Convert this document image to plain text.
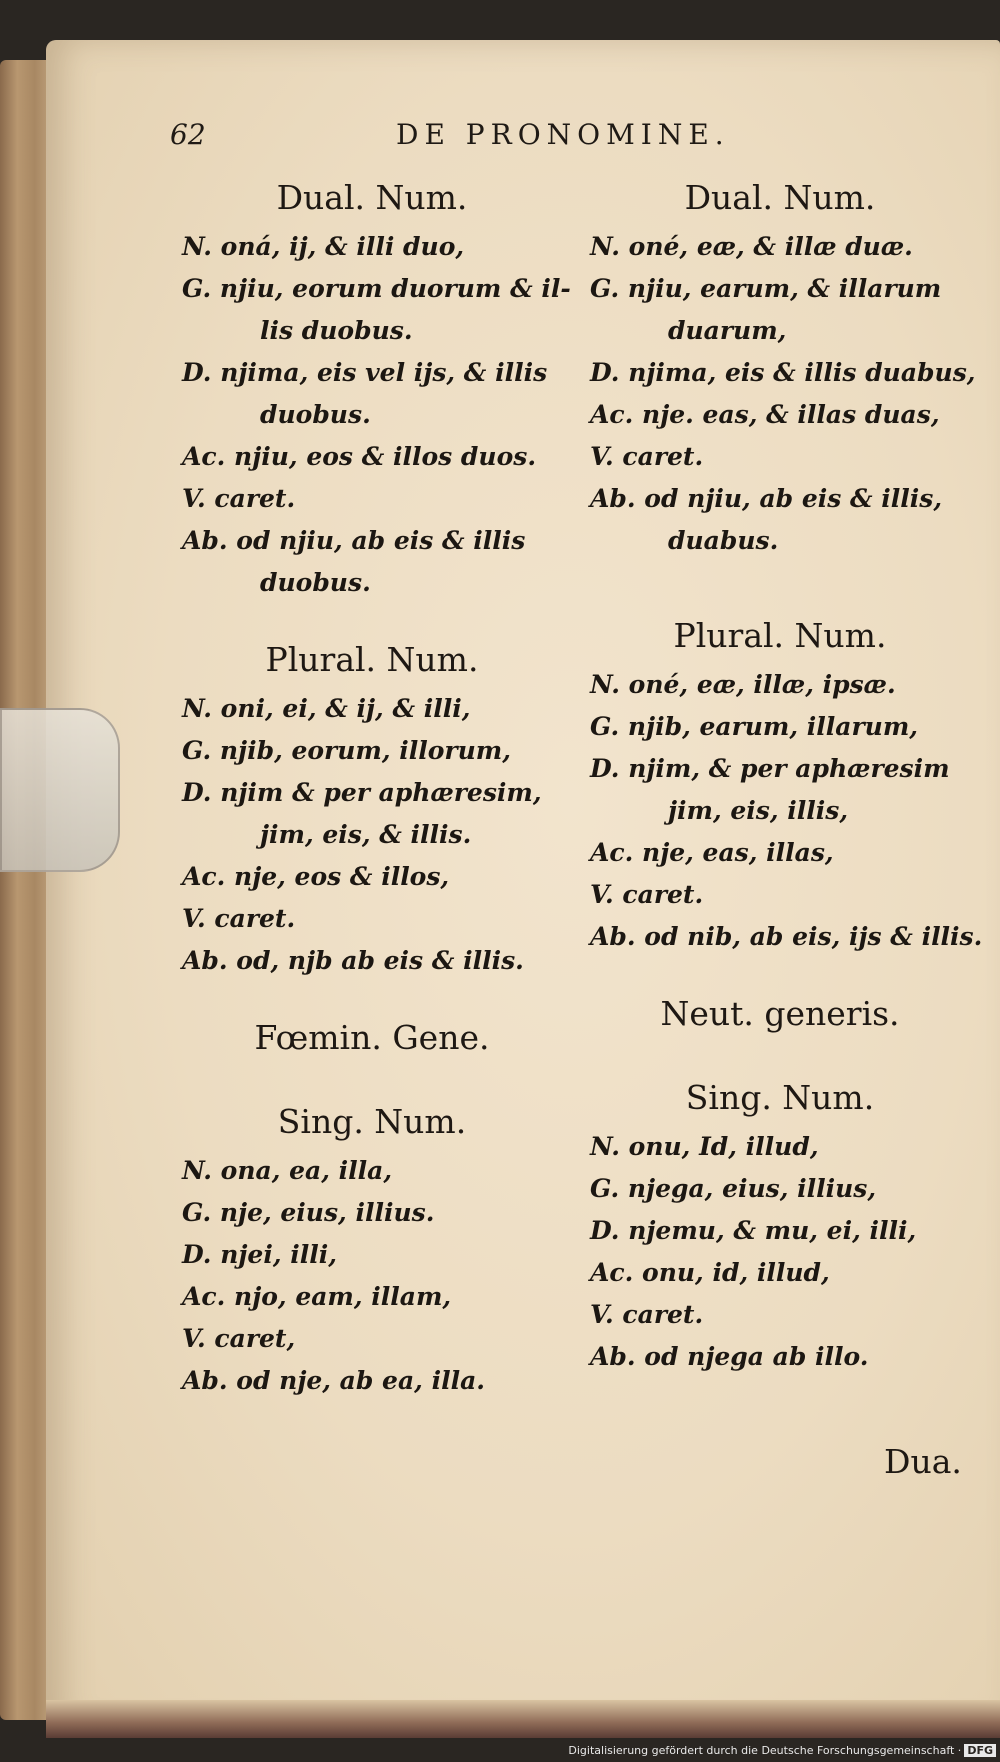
62	DE PRONOMINE.
Dual. Num.
N. oná, ij, & illi duo,
G. njiu, eorum duorum & il-
lis duobus.
D. njima, eis vel ijs, & illis
duobus.
Ac. njiu, eos & illos duos.
V. caret.
Ab. od njiu, ab eis & illis
duobus.
Plural. Num.
N. oni, ei, & ij, & illi,
G. njib, eorum, illorum,
D. njim & per aphæresim,
jim, eis, & illis.
Ac. nje, eos & illos,
V. caret.
Ab. od, njb ab eis & illis.
Fœmin. Gene.
Sing. Num.
N. ona, ea, illa,
G. nje, eius, illius.
D. njei, illi,
Ac. njo, eam, illam,
V. caret,
Ab. od nje, ab ea, illa.
Dual. Num.
N. oné, eæ, & illæ duæ.
G. njiu, earum, & illarum
duarum,
D. njima, eis & illis duabus,
Ac. nje. eas, & illas duas,
V. caret.
Ab. od njiu, ab eis & illis,
duabus.
Plural. Num.
N. oné, eæ, illæ, ipsæ.
G. njib, earum, illarum,
D. njim, & per aphæresim
jim, eis, illis,
Ac. nje, eas, illas,
V. caret.
Ab. od nib, ab eis, ijs & illis.
Neut. generis.
Sing. Num.
N. onu, Id, illud,
G. njega, eius, illius,
D. njemu, & mu, ei, illi,
Ac. onu, id, illud,
V. caret.
Ab. od njega ab illo.
Dua.
Digitalisierung gefördert durch die Deutsche Forschungsgemeinschaft · DFG
